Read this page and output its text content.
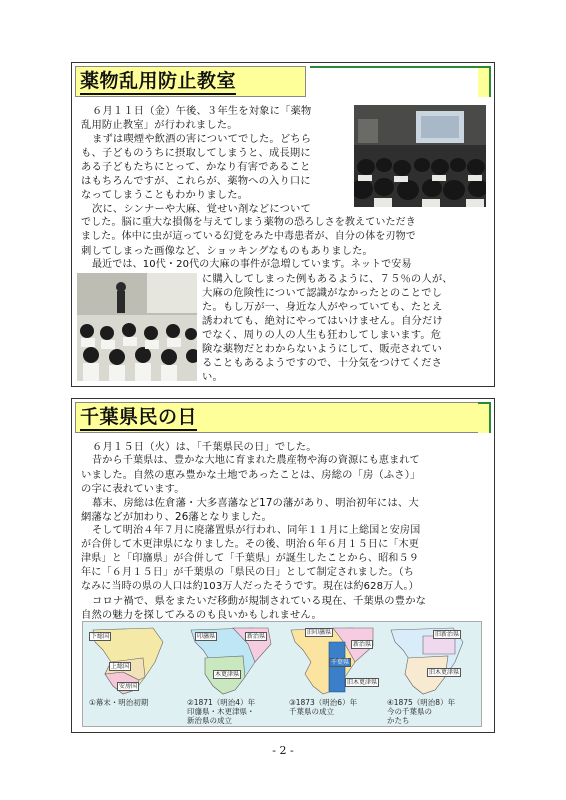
薬物乱用防止教室
６月１１日（金）午後、３年生を対象に「薬物
乱用防止教室」が行われました。
まずは喫煙や飲酒の害についてでした。どちら
も、子どものうちに摂取してしまうと、成長期に
ある子どもたちにとって、かなり有害であること
はもちろんですが、これらが、薬物への入り口に
なってしまうこともわかりました。
次に、シンナーや大麻、覚せい剤などについて
でした。脳に重大な損傷を与えてしまう薬物の恐ろしさを教えていただき
ました。体中に虫が這っている幻覚をみた中毒患者が、自分の体を刃物で
刺してしまった画像など、ショッキングなものもありました。
最近では、10代・20代の大麻の事件が急増しています。ネットで安易
に購入してしまった例もあるように、７５％の人が、
大麻の危険性について認識がなかったとのことでし
た。もし万が一、身近な人がやっていても、たとえ
誘われても、絶対にやってはいけません。自分だけ
でなく、周りの人の人生も狂わしてしまいます。危
険な薬物だとわからないようにして、販売されてい
ることもあるようですので、十分気をつけてくださ
い。
千葉県民の日
６月１５日（火）は、「千葉県民の日」でした。
昔から千葉県は、豊かな大地に育まれた農産物や海の資源にも恵まれて
いました。自然の恵み豊かな土地であったことは、房総の「房（ふさ）」
の字に表れています。
幕末、房総は佐倉藩・大多喜藩など17の藩があり、明治初年には、大
網藩などが加わり、26藩となりました。
そして明治４年７月に廃藩置県が行われ、同年１１月に上総国と安房国
が合併して木更津県になりました。その後、明治６年６月１５日に「木更
津県」と「印旛県」が合併して「千葉県」が誕生したことから、昭和５９
年に「６月１５日」が千葉県の「県民の日」として制定されました。（ち
なみに当時の県の人口は約103万人だったそうです。現在は約628万人。）
コロナ禍で、県をまたいだ移動が規制されている現在、千葉県の豊かな
自然の魅力を探してみるのも良いかもしれません。
下総国
上総国
安房国
印旛県	新治県
木更津県
旧印旛県
新治県
千葉県
旧木更津県
旧新治県
旧木更津県
①幕末・明治初期	②1871（明治4）年
印旛県・木更津県・
新治県の成立
③1873（明治6）年
千葉県の成立
④1875（明治8）年
今の千葉県の
かたち
- 2 -
